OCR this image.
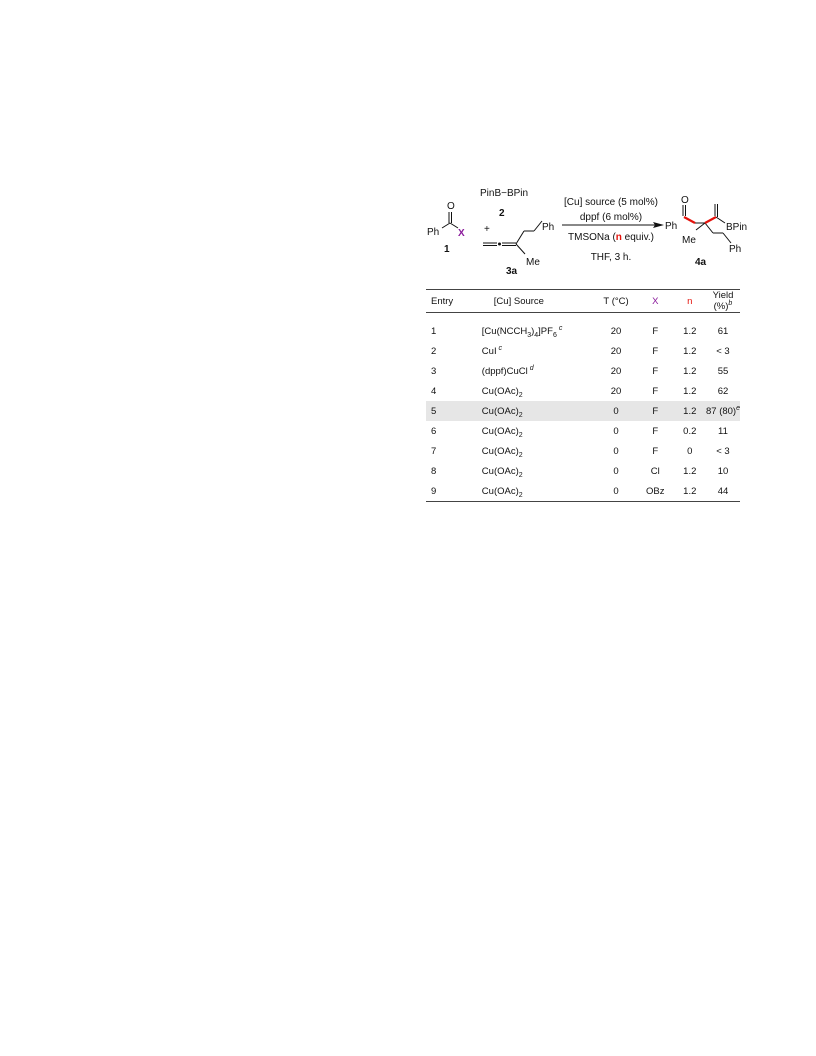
PinB−BPin
2
O
Ph X
1
+	Ph
Me
3a
[Cu] source (5 mol%)
dppf (6 mol%)
TMSONa (n equiv.)
THF, 3 h.
O
Ph	BPin
Me
Ph
4a
Entry	[Cu] Source	T (°C)	X	n	Yield (%)$^b$
1	$[Cu(NCCH_3)_4]PF_6$ $^c$	20	F	1.2	61
2	CuI $^c$	20	F	1.2	< 3
3	(dppf)CuCl $^d$	20	F	1.2	55
4	$Cu(OAc)_2$	20	F	1.2	62
5	$Cu(OAc)_2$	0	F	1.2	87 $(80)^e$
6	$Cu(OAc)_2$	0	F	0.2	11
7	$Cu(OAc)_2$	0	F	0	< 3
8	$Cu(OAc)_2$	0	Cl	1.2	10
9	$Cu(OAc)_2$	0	OBz	1.2	44
